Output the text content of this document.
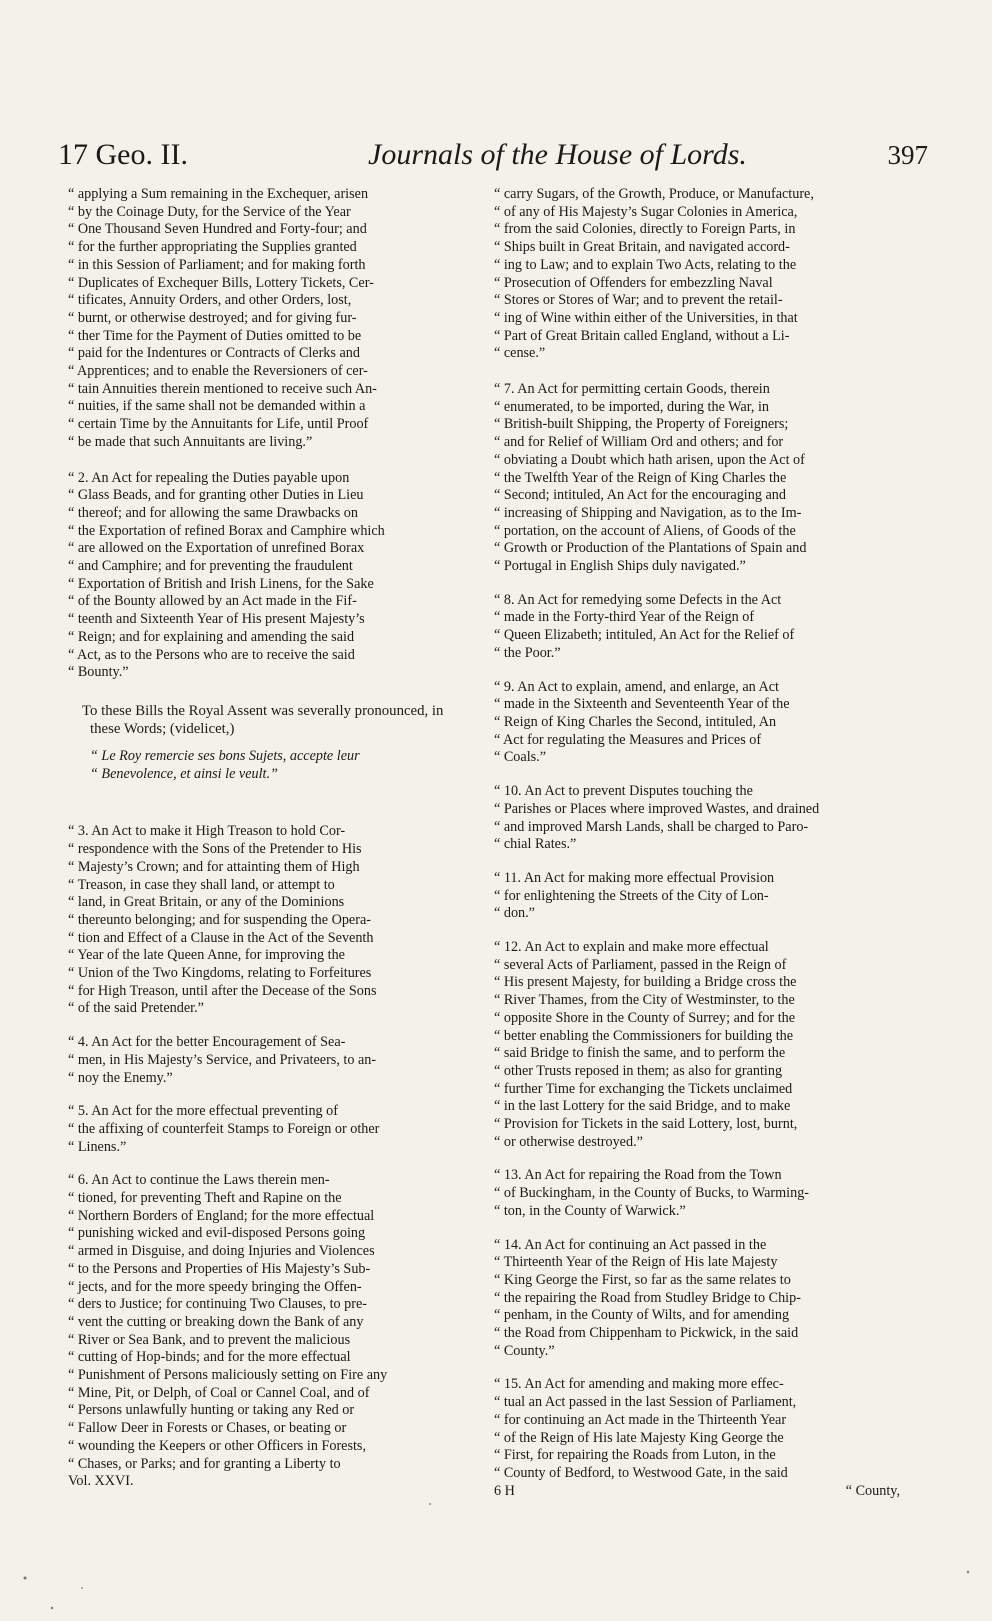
17 Geo. II.	Journals of the House of Lords.	397

“ applying a Sum remaining in the Exchequer, arisen
“ by the Coinage Duty, for the Service of the Year
“ One Thousand Seven Hundred and Forty-four; and
“ for the further appropriating the Supplies granted
“ in this Session of Parliament; and for making forth
“ Duplicates of Exchequer Bills, Lottery Tickets, Cer-
“ tificates, Annuity Orders, and other Orders, lost,
“ burnt, or otherwise destroyed; and for giving fur-
“ ther Time for the Payment of Duties omitted to be
“ paid for the Indentures or Contracts of Clerks and
“ Apprentices; and to enable the Reversioners of cer-
“ tain Annuities therein mentioned to receive such An-
“ nuities, if the same shall not be demanded within a
“ certain Time by the Annuitants for Life, until Proof
“ be made that such Annuitants are living.”

“ 2. An Act for repealing the Duties payable upon
“ Glass Beads, and for granting other Duties in Lieu
“ thereof; and for allowing the same Drawbacks on
“ the Exportation of refined Borax and Camphire which
“ are allowed on the Exportation of unrefined Borax
“ and Camphire; and for preventing the fraudulent
“ Exportation of British and Irish Linens, for the Sake
“ of the Bounty allowed by an Act made in the Fif-
“ teenth and Sixteenth Year of His present Majesty’s
“ Reign; and for explaining and amending the said
“ Act, as to the Persons who are to receive the said
“ Bounty.”

To these Bills the Royal Assent was severally pronounced, in these Words; (videlicet,)

“ Le Roy remercie ses bons Sujets, accepte leur
“ Benevolence, et ainsi le veult.”

“ 3. An Act to make it High Treason to hold Cor-
“ respondence with the Sons of the Pretender to His
“ Majesty’s Crown; and for attainting them of High
“ Treason, in case they shall land, or attempt to
“ land, in Great Britain, or any of the Dominions
“ thereunto belonging; and for suspending the Opera-
“ tion and Effect of a Clause in the Act of the Seventh
“ Year of the late Queen Anne, for improving the
“ Union of the Two Kingdoms, relating to Forfeitures
“ for High Treason, until after the Decease of the Sons
“ of the said Pretender.”

“ 4. An Act for the better Encouragement of Sea-
“ men, in His Majesty’s Service, and Privateers, to an-
“ noy the Enemy.”

“ 5. An Act for the more effectual preventing of
“ the affixing of counterfeit Stamps to Foreign or other
“ Linens.”

“ 6. An Act to continue the Laws therein men-
“ tioned, for preventing Theft and Rapine on the
“ Northern Borders of England; for the more effectual
“ punishing wicked and evil-disposed Persons going
“ armed in Disguise, and doing Injuries and Violences
“ to the Persons and Properties of His Majesty’s Sub-
“ jects, and for the more speedy bringing the Offen-
“ ders to Justice; for continuing Two Clauses, to pre-
“ vent the cutting or breaking down the Bank of any
“ River or Sea Bank, and to prevent the malicious
“ cutting of Hop-binds; and for the more effectual
“ Punishment of Persons maliciously setting on Fire any
“ Mine, Pit, or Delph, of Coal or Cannel Coal, and of
“ Persons unlawfully hunting or taking any Red or
“ Fallow Deer in Forests or Chases, or beating or
“ wounding the Keepers or other Officers in Forests,
“ Chases, or Parks; and for granting a Liberty to

Vol. XXVI.

“ carry Sugars, of the Growth, Produce, or Manufacture,
“ of any of His Majesty’s Sugar Colonies in America,
“ from the said Colonies, directly to Foreign Parts, in
“ Ships built in Great Britain, and navigated accord-
“ ing to Law; and to explain Two Acts, relating to the
“ Prosecution of Offenders for embezzling Naval
“ Stores or Stores of War; and to prevent the retail-
“ ing of Wine within either of the Universities, in that
“ Part of Great Britain called England, without a Li-
“ cense.”

“ 7. An Act for permitting certain Goods, therein
“ enumerated, to be imported, during the War, in
“ British-built Shipping, the Property of Foreigners;
“ and for Relief of William Ord and others; and for
“ obviating a Doubt which hath arisen, upon the Act of
“ the Twelfth Year of the Reign of King Charles the
“ Second; intituled, An Act for the encouraging and
“ increasing of Shipping and Navigation, as to the Im-
“ portation, on the account of Aliens, of Goods of the
“ Growth or Production of the Plantations of Spain and
“ Portugal in English Ships duly navigated.”

“ 8. An Act for remedying some Defects in the Act
“ made in the Forty-third Year of the Reign of
“ Queen Elizabeth; intituled, An Act for the Relief of
“ the Poor.”

“ 9. An Act to explain, amend, and enlarge, an Act
“ made in the Sixteenth and Seventeenth Year of the
“ Reign of King Charles the Second, intituled, An
“ Act for regulating the Measures and Prices of
“ Coals.”

“ 10. An Act to prevent Disputes touching the
“ Parishes or Places where improved Wastes, and drained
“ and improved Marsh Lands, shall be charged to Paro-
“ chial Rates.”

“ 11. An Act for making more effectual Provision
“ for enlightening the Streets of the City of Lon-
“ don.”

“ 12. An Act to explain and make more effectual
“ several Acts of Parliament, passed in the Reign of
“ His present Majesty, for building a Bridge cross the
“ River Thames, from the City of Westminster, to the
“ opposite Shore in the County of Surrey; and for the
“ better enabling the Commissioners for building the
“ said Bridge to finish the same, and to perform the
“ other Trusts reposed in them; as also for granting
“ further Time for exchanging the Tickets unclaimed
“ in the last Lottery for the said Bridge, and to make
“ Provision for Tickets in the said Lottery, lost, burnt,
“ or otherwise destroyed.”

“ 13. An Act for repairing the Road from the Town
“ of Buckingham, in the County of Bucks, to Warming-
“ ton, in the County of Warwick.”

“ 14. An Act for continuing an Act passed in the
“ Thirteenth Year of the Reign of His late Majesty
“ King George the First, so far as the same relates to
“ the repairing the Road from Studley Bridge to Chip-
“ penham, in the County of Wilts, and for amending
“ the Road from Chippenham to Pickwick, in the said
“ County.”

“ 15. An Act for amending and making more effec-
“ tual an Act passed in the last Session of Parliament,
“ for continuing an Act made in the Thirteenth Year
“ of the Reign of His late Majesty King George the
“ First, for repairing the Roads from Luton, in the
“ County of Bedford, to Westwood Gate, in the said

6 H	“ County,
